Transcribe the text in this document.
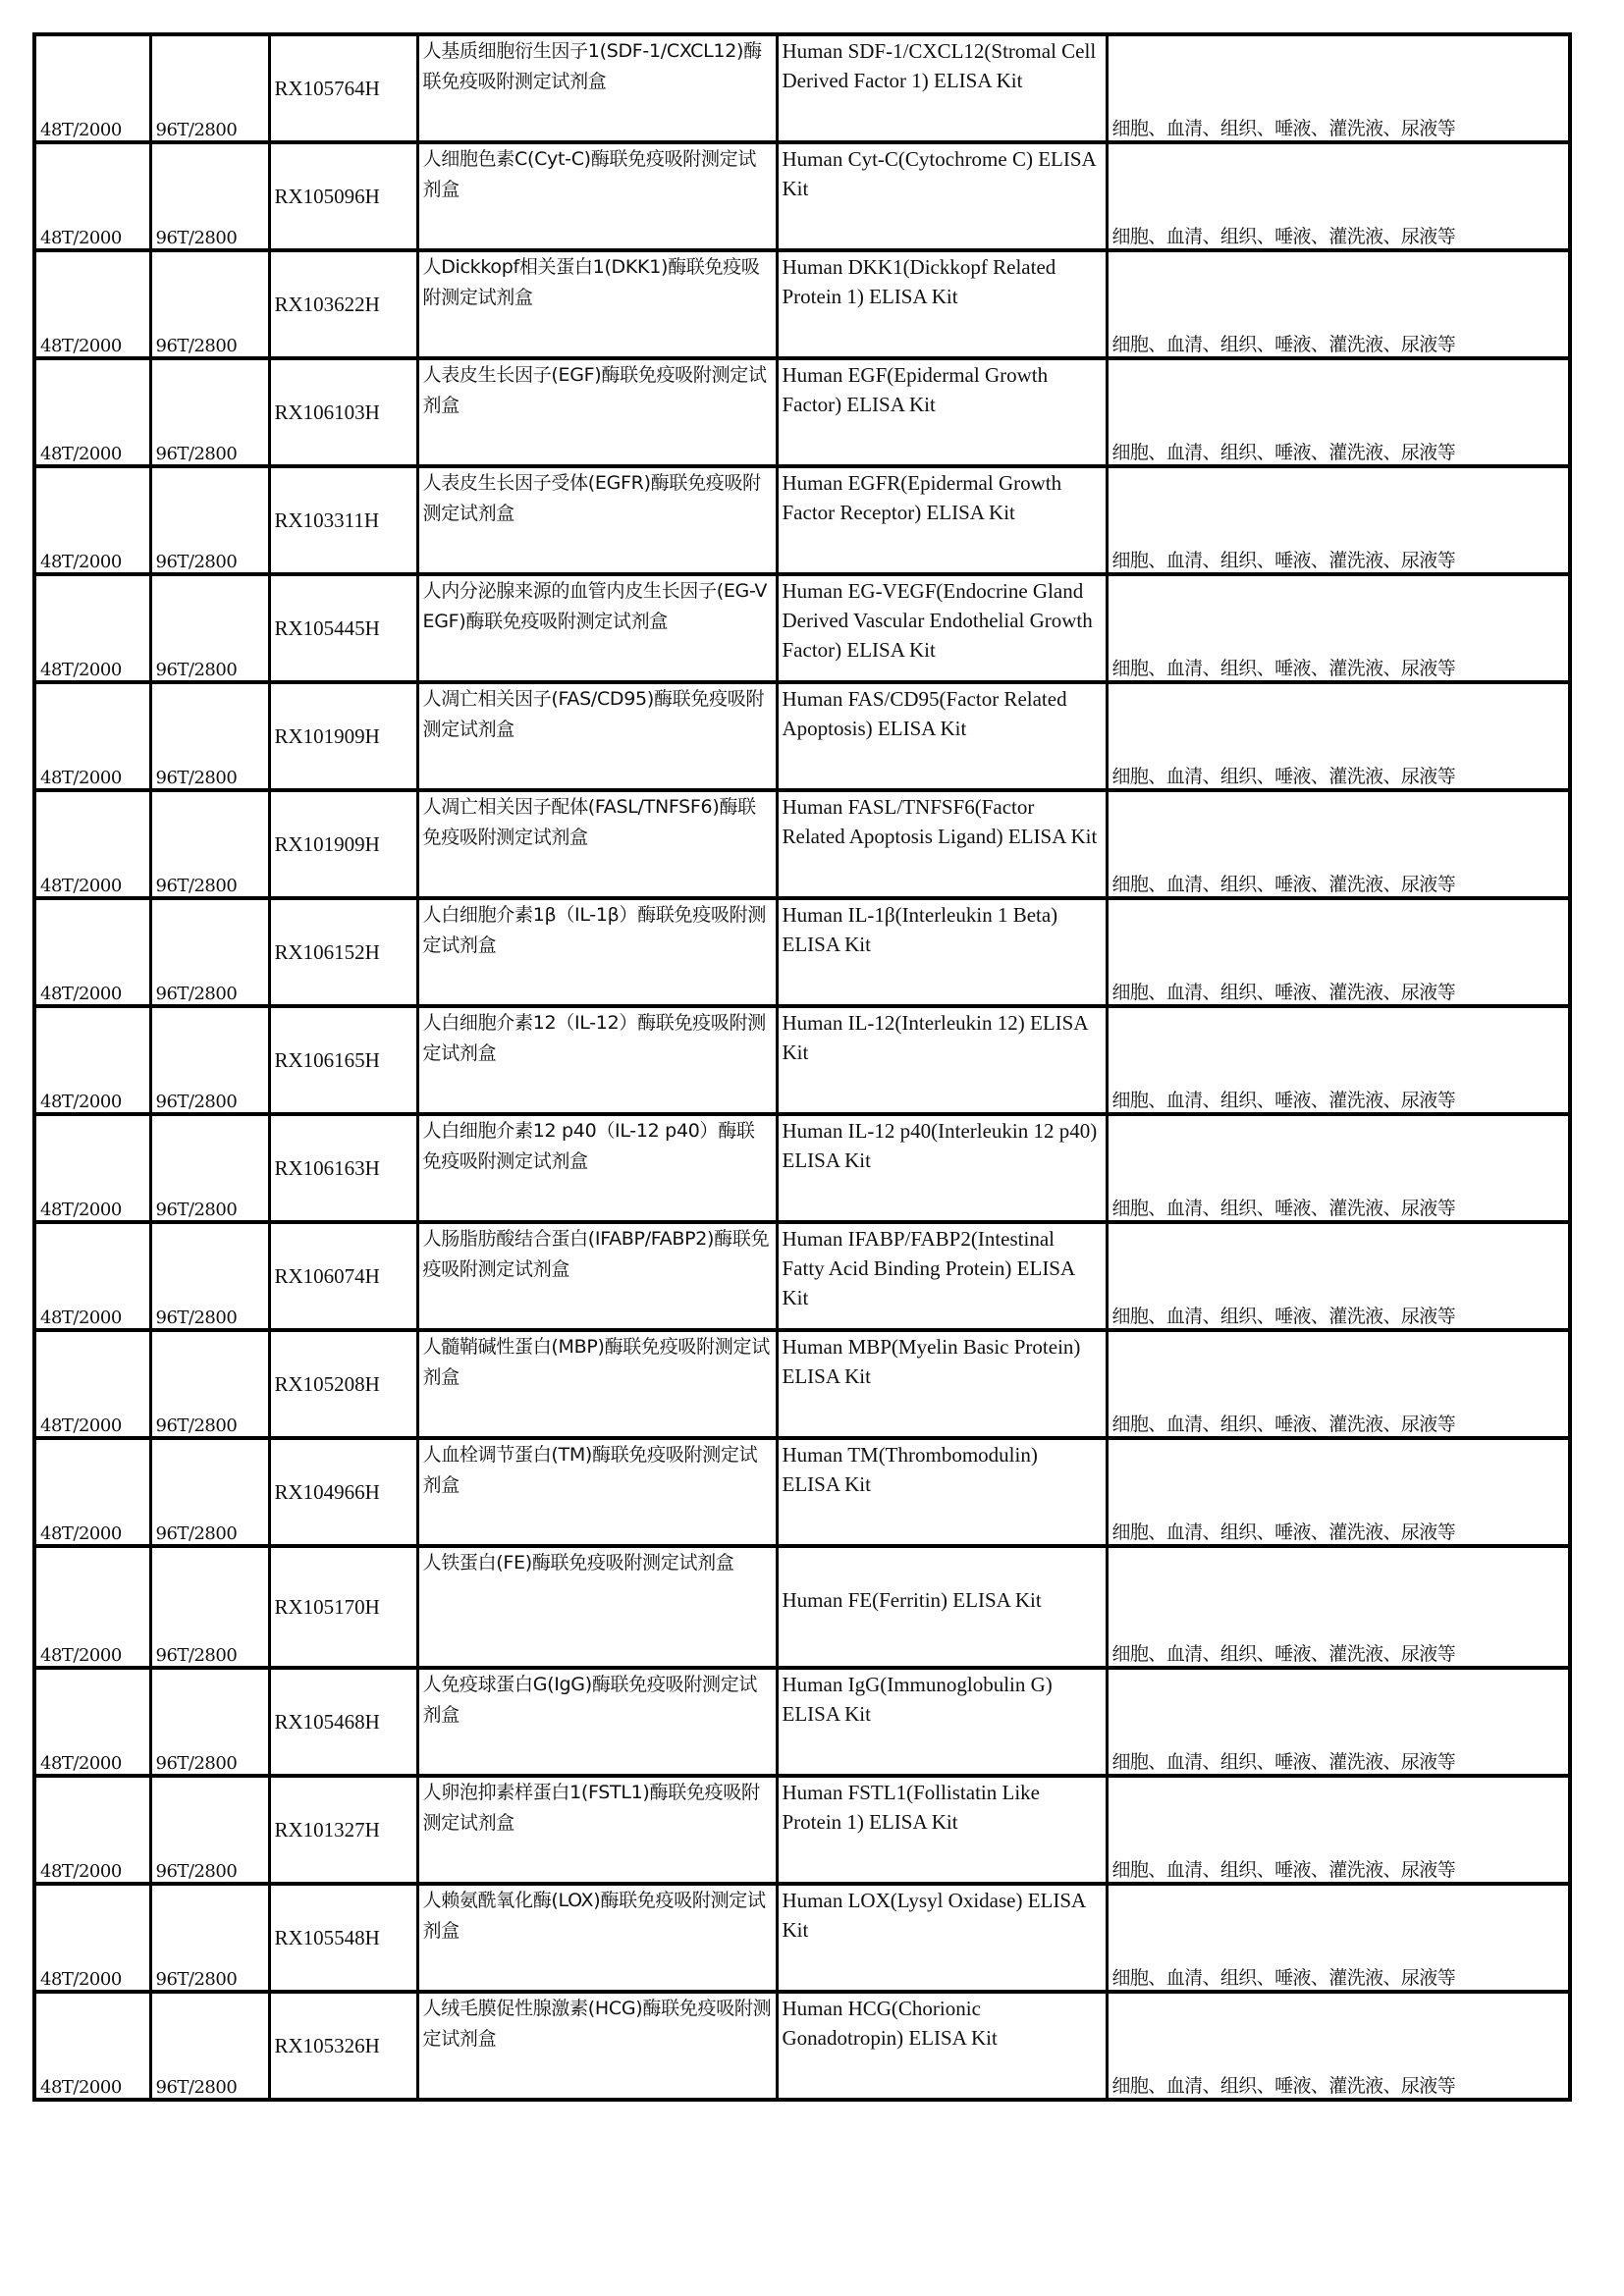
48T/2000	96T/2800	RX105764H	人基质细胞衍生因子1(SDF-1/CXCL12)酶联免疫吸附测定试剂盒	Human SDF-1/CXCL12(Stromal Cell Derived Factor 1) ELISA Kit	细胞、血清、组织、唾液、灌洗液、尿液等
48T/2000	96T/2800	RX105096H	人细胞色素C(Cyt-C)酶联免疫吸附测定试剂盒	Human Cyt-C(Cytochrome C) ELISA Kit	细胞、血清、组织、唾液、灌洗液、尿液等
48T/2000	96T/2800	RX103622H	人Dickkopf相关蛋白1(DKK1)酶联免疫吸附测定试剂盒	Human DKK1(Dickkopf Related Protein 1) ELISA Kit	细胞、血清、组织、唾液、灌洗液、尿液等
48T/2000	96T/2800	RX106103H	人表皮生长因子(EGF)酶联免疫吸附测定试剂盒	Human EGF(Epidermal Growth Factor) ELISA Kit	细胞、血清、组织、唾液、灌洗液、尿液等
48T/2000	96T/2800	RX103311H	人表皮生长因子受体(EGFR)酶联免疫吸附测定试剂盒	Human EGFR(Epidermal Growth Factor Receptor) ELISA Kit	细胞、血清、组织、唾液、灌洗液、尿液等
48T/2000	96T/2800	RX105445H	人内分泌腺来源的血管内皮生长因子(EG-VEGF)酶联免疫吸附测定试剂盒	Human EG-VEGF(Endocrine Gland Derived Vascular Endothelial Growth Factor) ELISA Kit	细胞、血清、组织、唾液、灌洗液、尿液等
48T/2000	96T/2800	RX101909H	人凋亡相关因子(FAS/CD95)酶联免疫吸附测定试剂盒	Human FAS/CD95(Factor Related Apoptosis) ELISA Kit	细胞、血清、组织、唾液、灌洗液、尿液等
48T/2000	96T/2800	RX101909H	人凋亡相关因子配体(FASL/TNFSF6)酶联免疫吸附测定试剂盒	Human FASL/TNFSF6(Factor Related Apoptosis Ligand) ELISA Kit	细胞、血清、组织、唾液、灌洗液、尿液等
48T/2000	96T/2800	RX106152H	人白细胞介素1β（IL-1β）酶联免疫吸附测定试剂盒	Human IL-1β(Interleukin 1 Beta) ELISA Kit	细胞、血清、组织、唾液、灌洗液、尿液等
48T/2000	96T/2800	RX106165H	人白细胞介素12（IL-12）酶联免疫吸附测定试剂盒	Human IL-12(Interleukin 12) ELISA Kit	细胞、血清、组织、唾液、灌洗液、尿液等
48T/2000	96T/2800	RX106163H	人白细胞介素12 p40（IL-12 p40）酶联免疫吸附测定试剂盒	Human IL-12 p40(Interleukin 12 p40) ELISA Kit	细胞、血清、组织、唾液、灌洗液、尿液等
48T/2000	96T/2800	RX106074H	人肠脂肪酸结合蛋白(IFABP/FABP2)酶联免疫吸附测定试剂盒	Human IFABP/FABP2(Intestinal Fatty Acid Binding Protein) ELISA Kit	细胞、血清、组织、唾液、灌洗液、尿液等
48T/2000	96T/2800	RX105208H	人髓鞘碱性蛋白(MBP)酶联免疫吸附测定试剂盒	Human MBP(Myelin Basic Protein) ELISA Kit	细胞、血清、组织、唾液、灌洗液、尿液等
48T/2000	96T/2800	RX104966H	人血栓调节蛋白(TM)酶联免疫吸附测定试剂盒	Human TM(Thrombomodulin) ELISA Kit	细胞、血清、组织、唾液、灌洗液、尿液等
48T/2000	96T/2800	RX105170H	人铁蛋白(FE)酶联免疫吸附测定试剂盒	Human FE(Ferritin) ELISA Kit	细胞、血清、组织、唾液、灌洗液、尿液等
48T/2000	96T/2800	RX105468H	人免疫球蛋白G(IgG)酶联免疫吸附测定试剂盒	Human IgG(Immunoglobulin G) ELISA Kit	细胞、血清、组织、唾液、灌洗液、尿液等
48T/2000	96T/2800	RX101327H	人卵泡抑素样蛋白1(FSTL1)酶联免疫吸附测定试剂盒	Human FSTL1(Follistatin Like Protein 1) ELISA Kit	细胞、血清、组织、唾液、灌洗液、尿液等
48T/2000	96T/2800	RX105548H	人赖氨酰氧化酶(LOX)酶联免疫吸附测定试剂盒	Human LOX(Lysyl Oxidase) ELISA Kit	细胞、血清、组织、唾液、灌洗液、尿液等
48T/2000	96T/2800	RX105326H	人绒毛膜促性腺激素(HCG)酶联免疫吸附测定试剂盒	Human HCG(Chorionic Gonadotropin) ELISA Kit	细胞、血清、组织、唾液、灌洗液、尿液等
